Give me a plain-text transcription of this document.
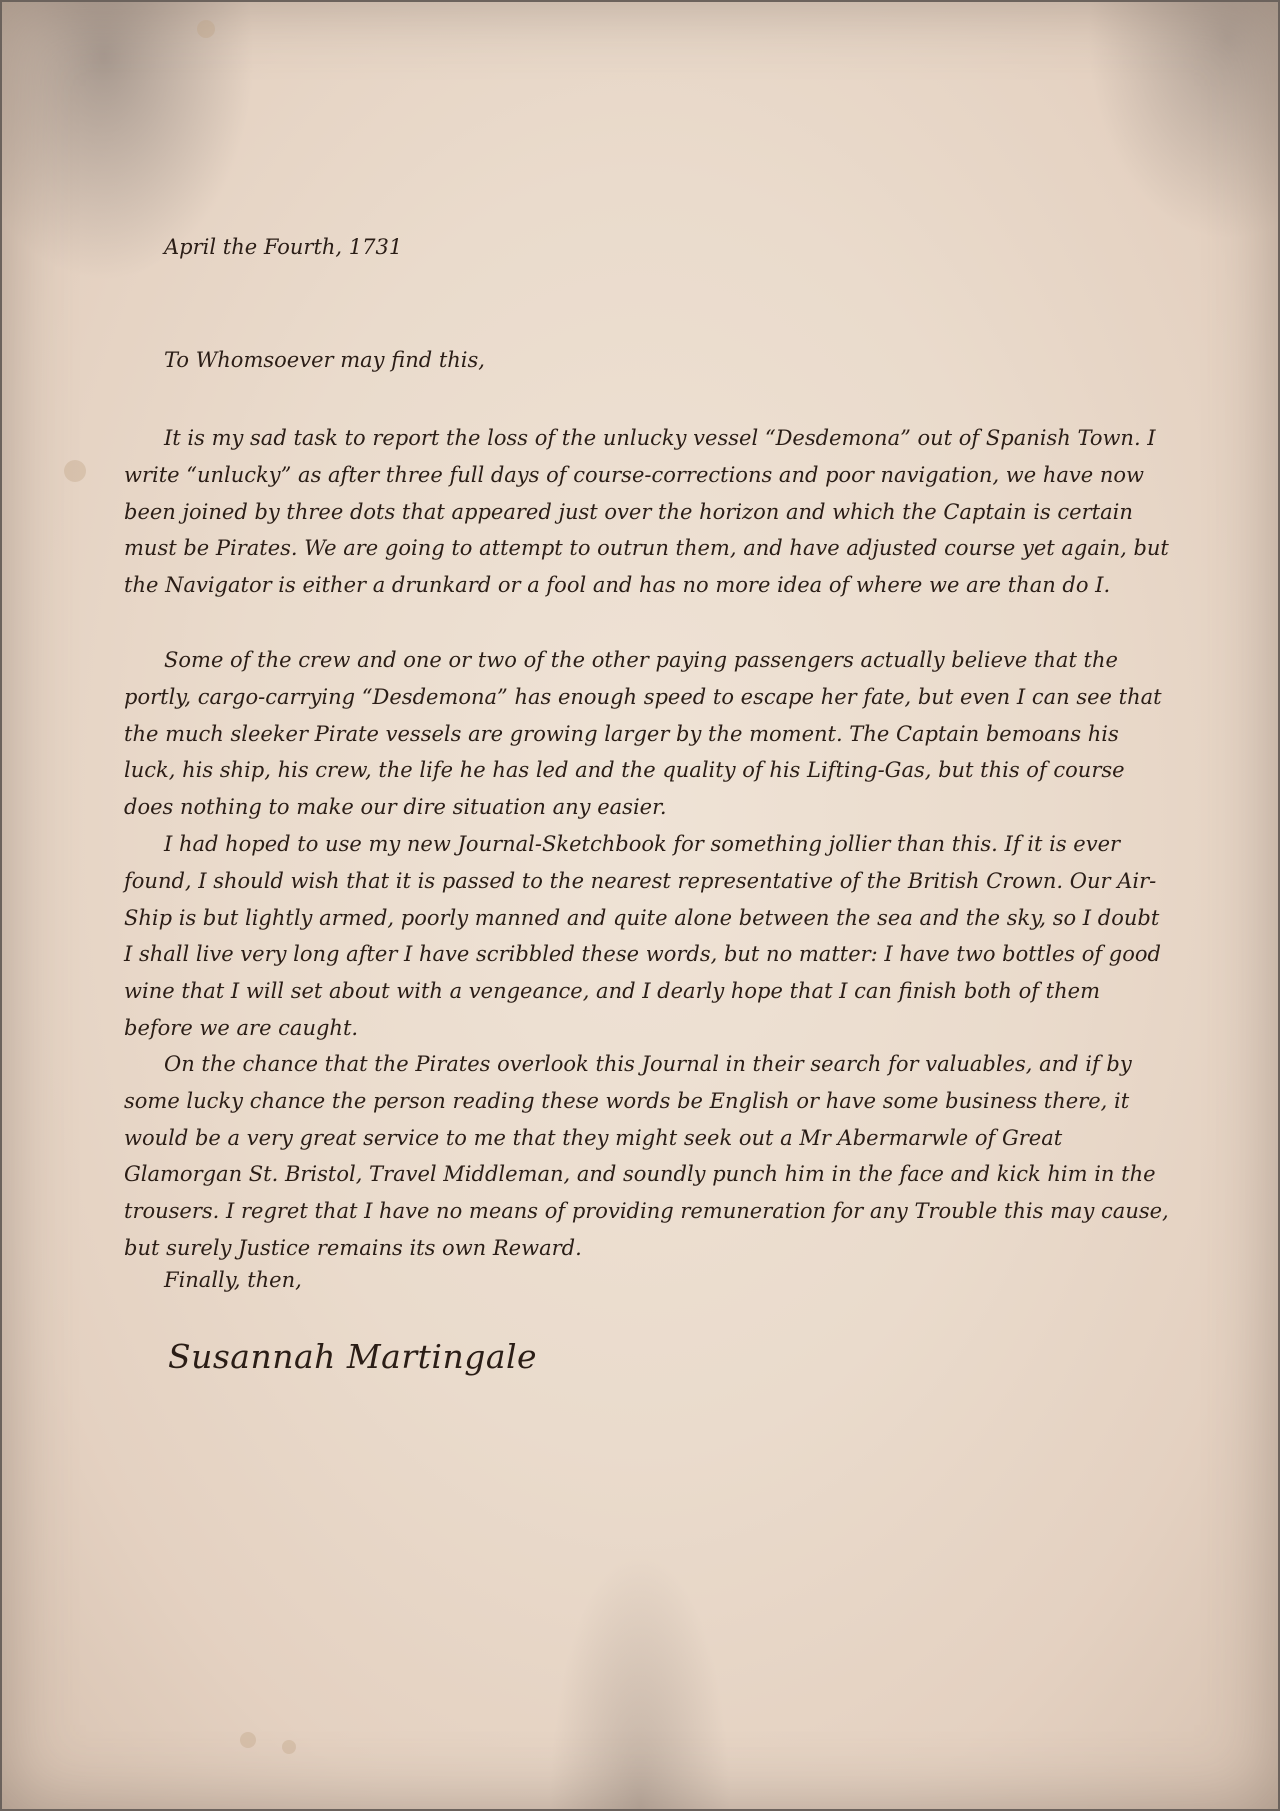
April the Fourth, 1731
To Whomsoever may find this,

It is my sad task to report the loss of the unlucky vessel “Desdemona” out of Spanish Town. I write “unlucky” as after three full days of course-corrections and poor navigation, we have now been joined by three dots that appeared just over the horizon and which the Captain is certain must be Pirates. We are going to attempt to outrun them, and have adjusted course yet again, but the Navigator is either a drunkard or a fool and has no more idea of where we are than do I.

Some of the crew and one or two of the other paying passengers actually believe that the portly, cargo-carrying “Desdemona” has enough speed to escape her fate, but even I can see that the much sleeker Pirate vessels are growing larger by the moment. The Captain bemoans his luck, his ship, his crew, the life he has led and the quality of his Lifting-Gas, but this of course does nothing to make our dire situation any easier.

I had hoped to use my new Journal-Sketchbook for something jollier than this. If it is ever found, I should wish that it is passed to the nearest representative of the British Crown. Our Air-Ship is but lightly armed, poorly manned and quite alone between the sea and the sky, so I doubt I shall live very long after I have scribbled these words, but no matter: I have two bottles of good wine that I will set about with a vengeance, and I dearly hope that I can finish both of them before we are caught.

On the chance that the Pirates overlook this Journal in their search for valuables, and if by some lucky chance the person reading these words be English or have some business there, it would be a very great service to me that they might seek out a Mr Abermarwle of Great Glamorgan St. Bristol, Travel Middleman, and soundly punch him in the face and kick him in the trousers. I regret that I have no means of providing remuneration for any Trouble this may cause, but surely Justice remains its own Reward.

Finally, then,
Susannah Martingale
